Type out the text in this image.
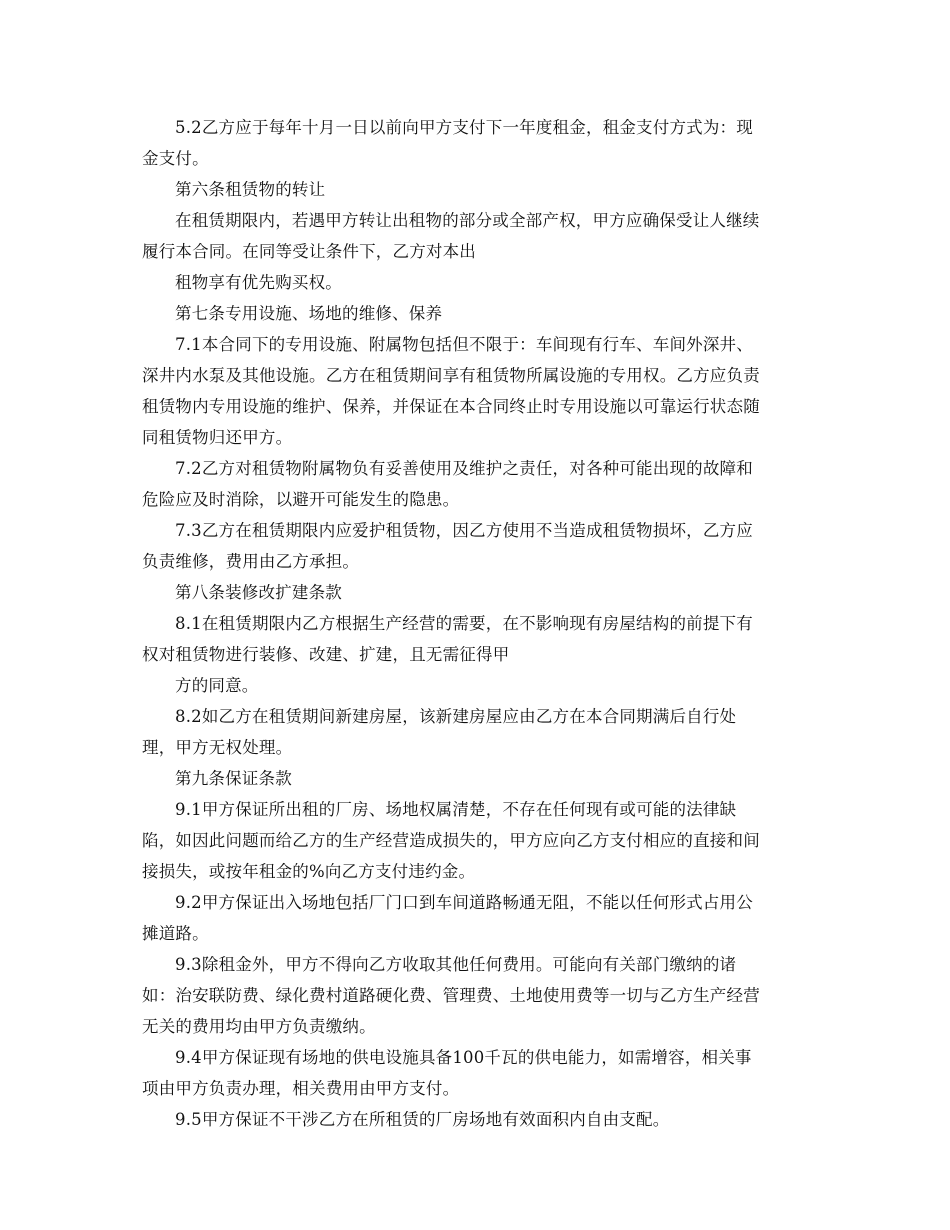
5.2乙方应于每年十月一日以前向甲方支付下一年度租金，租金支付方式为：现
金支付。
第六条租赁物的转让
在租赁期限内，若遇甲方转让出租物的部分或全部产权，甲方应确保受让人继续
履行本合同。在同等受让条件下，乙方对本出
租物享有优先购买权。
第七条专用设施、场地的维修、保养
7.1本合同下的专用设施、附属物包括但不限于：车间现有行车、车间外深井、
深井内水泵及其他设施。乙方在租赁期间享有租赁物所属设施的专用权。乙方应负责
租赁物内专用设施的维护、保养，并保证在本合同终止时专用设施以可靠运行状态随
同租赁物归还甲方。
7.2乙方对租赁物附属物负有妥善使用及维护之责任，对各种可能出现的故障和
危险应及时消除，以避开可能发生的隐患。
7.3乙方在租赁期限内应爱护租赁物，因乙方使用不当造成租赁物损坏，乙方应
负责维修，费用由乙方承担。
第八条装修改扩建条款
8.1在租赁期限内乙方根据生产经营的需要，在不影响现有房屋结构的前提下有
权对租赁物进行装修、改建、扩建，且无需征得甲
方的同意。
8.2如乙方在租赁期间新建房屋，该新建房屋应由乙方在本合同期满后自行处
理，甲方无权处理。
第九条保证条款
9.1甲方保证所出租的厂房、场地权属清楚，不存在任何现有或可能的法律缺
陷，如因此问题而给乙方的生产经营造成损失的，甲方应向乙方支付相应的直接和间
接损失，或按年租金的%向乙方支付违约金。
9.2甲方保证出入场地包括厂门口到车间道路畅通无阻，不能以任何形式占用公
摊道路。
9.3除租金外，甲方不得向乙方收取其他任何费用。可能向有关部门缴纳的诸
如：治安联防费、绿化费村道路硬化费、管理费、土地使用费等一切与乙方生产经营
无关的费用均由甲方负责缴纳。
9.4甲方保证现有场地的供电设施具备100千瓦的供电能力，如需增容，相关事
项由甲方负责办理，相关费用由甲方支付。
9.5甲方保证不干涉乙方在所租赁的厂房场地有效面积内自由支配。
